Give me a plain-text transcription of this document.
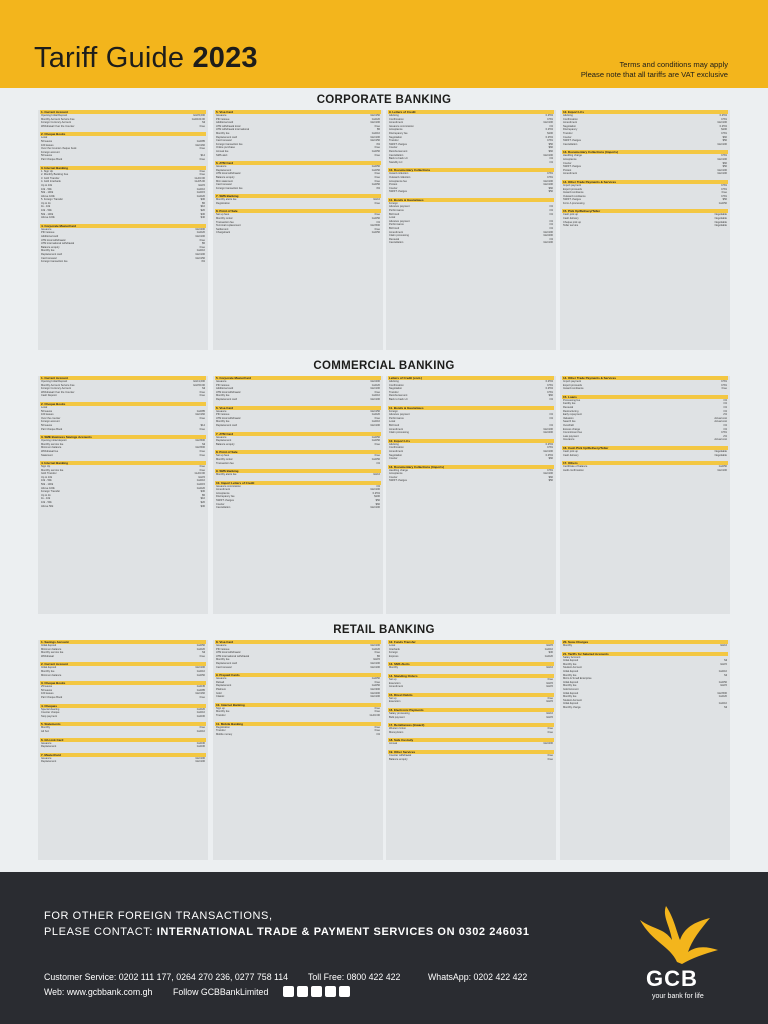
Tariff Guide 2023	Terms and conditions may apply
Please note that all tariffs are VAT exclusive
CORPORATE BANKING
1. Current Account
Opening Initial Deposit	GH¢5,000
Monthly Account Service Fee	GH¢100.00
Foreign Currency Account	Nil
Withdrawal Over the Counter	Free
2. Cheque Books
Local
50 leaves	GH¢85
100 leaves	GH¢160
Over the Counter cheque book	Free
Foreign account
50 leaves	$14
Part Cheque Book	Free
3. Internet Banking
1. Sign Up	Free
2. Monthly Banking Fee	Free
3. GH¢ Transfer	GH¢3.00
4. GH¢ Interbank	GH¢5.00
Up to 10k	GH¢5
10k - 50k	GH¢10
50k - 100k	GH¢15
Above 100k	GH¢20
5. Foreign Transfer	$30
Up to 1k	$5
1k - 10k	$10
10k - 50k	$20
50k - 100k	$30
Above 100k	$40
4. Corporate MasterCard
Issuance	GH¢200
PIN reissue	GH¢20
Additional card	GH¢100
ATM local withdrawal	Free
ATM international withdrawal	$5
Balance enquiry	Free
Monthly fee	GH¢10
Replacement card	GH¢100
Card renewal	GH¢150
Foreign transaction fee	3%
5. Visa Card
Issuance	GH¢150
PIN reissue	GH¢20
Additional card	GH¢100
ATM withdrawal local	Free
ATM withdrawal international	$5
Monthly fee	GH¢10
Replacement card	GH¢100
Card renewal	GH¢150
Foreign transaction fee	3%
Online purchase	Free
Annual fee	GH¢50
SMS alert	Free
6. ATM Card
Issuance	GH¢50
Replacement	GH¢50
ATM local withdrawal	Free
Balance enquiry	Free
Mini statement	Free
Card renewal	GH¢50
Foreign transaction fee	3%
7. SMS Banking
Monthly alerts fee	GH¢2
Registration	Free
8. Point of Sale
Set up fees	Free
Monthly rental	GH¢50
Transaction fee	1%
Terminal replacement	GH¢500
Settlement	Free
Chargeback	GH¢50
9. Letters of Credit
Advising	0.25%
Confirmation	0.5%
Amendment	GH¢100
Issuance commission	1%
Acceptance	0.25%
Discrepancy fee	$100
Negotiation	0.25%
Transfer	0.5%
SWIFT charges	$50
Courier	$60
Reimbursement	$60
Cancellation	GH¢100
Back to back LC	1%
Standby LC	1%
10. Documentary Collections
Inward collection	0.5%
Outward collection	0.5%
Acceptance fee	GH¢100
Protest	GH¢100
Courier	$60
SWIFT charges	$50
11. Bonds & Guarantees
Foreign
Advance payment	1%
Performance	1%
Bid bond	1%
Local
Advance payment	1%
Performance	1%
Bid bond	1%
Amendment	GH¢100
Claim processing	GH¢200
Renewal	1%
Cancellation	GH¢100
12. Export LCs
Advising	0.25%
Confirmation	0.5%
Amendment	GH¢100
Negotiation	0.25%
Discrepancy	$100
Transfer	0.5%
Courier	$60
SWIFT charges	$50
Cancellation	GH¢100
13. Documentary Collections (Imports)
Handling charge	0.5%
Acceptance	GH¢100
Courier	$60
SWIFT charges	$50
Protest	GH¢100
Amendment	GH¢100
14. Other Trade Payments & Services
Import payment	0.5%
Export proceeds	0.5%
Inward remittance	Free
Outward remittance	0.5%
SWIFT charges	$50
Form A processing	GH¢50
15. Pick Up/Delivery/Teller
Cash pick up	Negotiable
Cash delivery	Negotiable
Cheque pick up	Negotiable
Teller service	Negotiable
COMMERCIAL BANKING
1. Current Account
Opening Initial Deposit	GH¢1,000
Monthly Account Service Fee	GH¢50.00
Foreign Currency Account	Nil
Withdrawal Over the Counter	Free
Cash Deposit	Free
2. Cheque Books
Local
50 leaves	GH¢85
100 leaves	GH¢160
Over the counter	Free
Foreign account
50 leaves	$14
Part Cheque Book	Free
3. SME Business Savings Accounts
Opening initial deposit	GH¢500
Monthly service fee	Nil
Minimum balance	GH¢500
Withdrawal fee	Free
Statement	Free
4. Internet Banking
Sign Up	Free
Monthly service fee	Free
GH¢ Transfer	GH¢3.00
Up to 10k	GH¢5
10k - 50k	GH¢10
50k - 100k	GH¢15
Above 100k	GH¢20
Foreign Transfer	$30
Up to 1k	$5
1k - 10k	$10
10k - 50k	$20
Above 50k	$30
5. Corporate MasterCard
Issuance	GH¢200
PIN reissue	GH¢20
Additional card	GH¢100
ATM local withdrawal	Free
Monthly fee	GH¢10
Replacement card	GH¢100
6. Visa Card
Issuance	GH¢150
PIN reissue	GH¢20
ATM local withdrawal	Free
Monthly fee	GH¢10
Replacement card	GH¢100
7. ATM Card
Issuance	GH¢50
Replacement	GH¢50
Balance enquiry	Free
8. Point of Sale
Set up fees	Free
Monthly rental	GH¢50
Transaction fee	1%
9. SMS Banking
Monthly alerts fee	GH¢2
10. Import Letters of Credit
Issuance commission	1%
Amendment	GH¢100
Acceptance	0.25%
Discrepancy fee	$100
SWIFT charges	$50
Courier	$60
Cancellation	GH¢100
Letters of Credit (cont.)
Advising	0.25%
Confirmation	0.5%
Negotiation	0.25%
Transfer	0.5%
Reimbursement	$60
Back to back LC	1%
11. Bonds & Guarantees
Foreign
Advance payment	1%
Performance	1%
Local
Bid bond	1%
Amendment	GH¢100
Claim processing	GH¢200
12. Export LCs
Advising	0.25%
Confirmation	0.5%
Amendment	GH¢100
Negotiation	0.25%
Courier	$60
13. Documentary Collections (Imports)
Handling charge	0.5%
Acceptance	GH¢100
Courier	$60
SWIFT charges	$50
14. Other Trade Payments & Services
Import payment	0.5%
Export proceeds	0.5%
Inward remittance	Free
15. Loans
Processing fee	1%
Facility fee	1%
Renewal	1%
Restructuring	1%
Early repayment	2%
Valuation	Actual cost
Search fee	Actual cost
Overdraft	1%
Excess charge	1%
Commitment fee	0.5%
Late payment	2%
Insurance	Actual cost
16. Cash Pick Up/Delivery/Teller
Cash pick up	Negotiable
Cash delivery	Negotiable
17. Others
Certificate of balance	GH¢50
Audit confirmation	GH¢100
RETAIL BANKING
1. Savings Account
Initial deposit	GH¢50
Minimum balance	GH¢20
Monthly service fee	Nil
Withdrawal	Free
2. Current Account
Initial deposit	GH¢100
Monthly fee	GH¢10
Minimum balance	GH¢50
3. Cheque Books
25 leaves	GH¢45
50 leaves	GH¢85
100 leaves	GH¢160
Part Cheque Book	Free
4. Cheques
Special clearing	GH¢20
Counter cheque	GH¢10
Stop payment	GH¢30
5. Statements
Monthly	Free
Ad hoc	GH¢10
6. Gh-Link Card
Issuance	GH¢30
Replacement	GH¢30
7. MasterCard
Issuance	GH¢100
Replacement	GH¢100
8. Visa Card
Issuance	GH¢100
PIN reissue	GH¢20
ATM local withdrawal	Free
ATM international withdrawal	$5
Monthly fee	GH¢5
Replacement card	GH¢100
Card renewal	GH¢100
9. Prepaid Cards
Issuance	GH¢50
Reload	Free
Replacement	GH¢50
Platinum	GH¢300
Gold	GH¢200
Classic	GH¢100
10. Internet Banking
Sign up	Free
Monthly fee	Free
Transfer	GH¢3.00
11. Mobile Banking
Registration	Free
Transfer	Free
Mobile money	1%
12. Funds Transfer
Local	GH¢5
Interbank	GH¢10
Foreign	$30
Express	GH¢20
13. SMS Alerts
Monthly	GH¢2
14. Standing Orders
Set up	Free
Execution	GH¢5
Amendment	GH¢5
15. Direct Debits
Set up	Free
Execution	GH¢5
16. Electronic Payments
Salary processing	GH¢2
Bulk payment	GH¢5
17. Remittances (Inward)
Western Union	Free
MoneyGram	Free
18. Safe Custody
Annual	GH¢200
19. Other Services
Counter withdrawal	Free
Balance enquiry	Free
20. Susu Charges
Monthly	GH¢2
21. Tariffs for Salaried Accounts
Salary Account
Initial deposit	Nil
Monthly fee	GH¢5
Student Account
Initial deposit	GH¢10
Monthly fee	Nil
Micro & Small Enterprise
Initial deposit	GH¢50
Monthly fee	GH¢5
Gold Account
Initial deposit	GH¢500
Monthly fee	GH¢20
Student Account
Initial deposit	GH¢10
Monthly charge	Nil
FOR OTHER FOREIGN TRANSACTIONS,
PLEASE CONTACT: INTERNATIONAL TRADE & PAYMENT SERVICES ON 0302 246031
Customer Service: 0202 111 177, 0264 270 236, 0277 758 114 Toll Free: 0800 422 422	WhatsApp: 0202 422 422
Web: www.gcbbank.com.gh Follow GCBBankLimited
GCB
your bank for life
